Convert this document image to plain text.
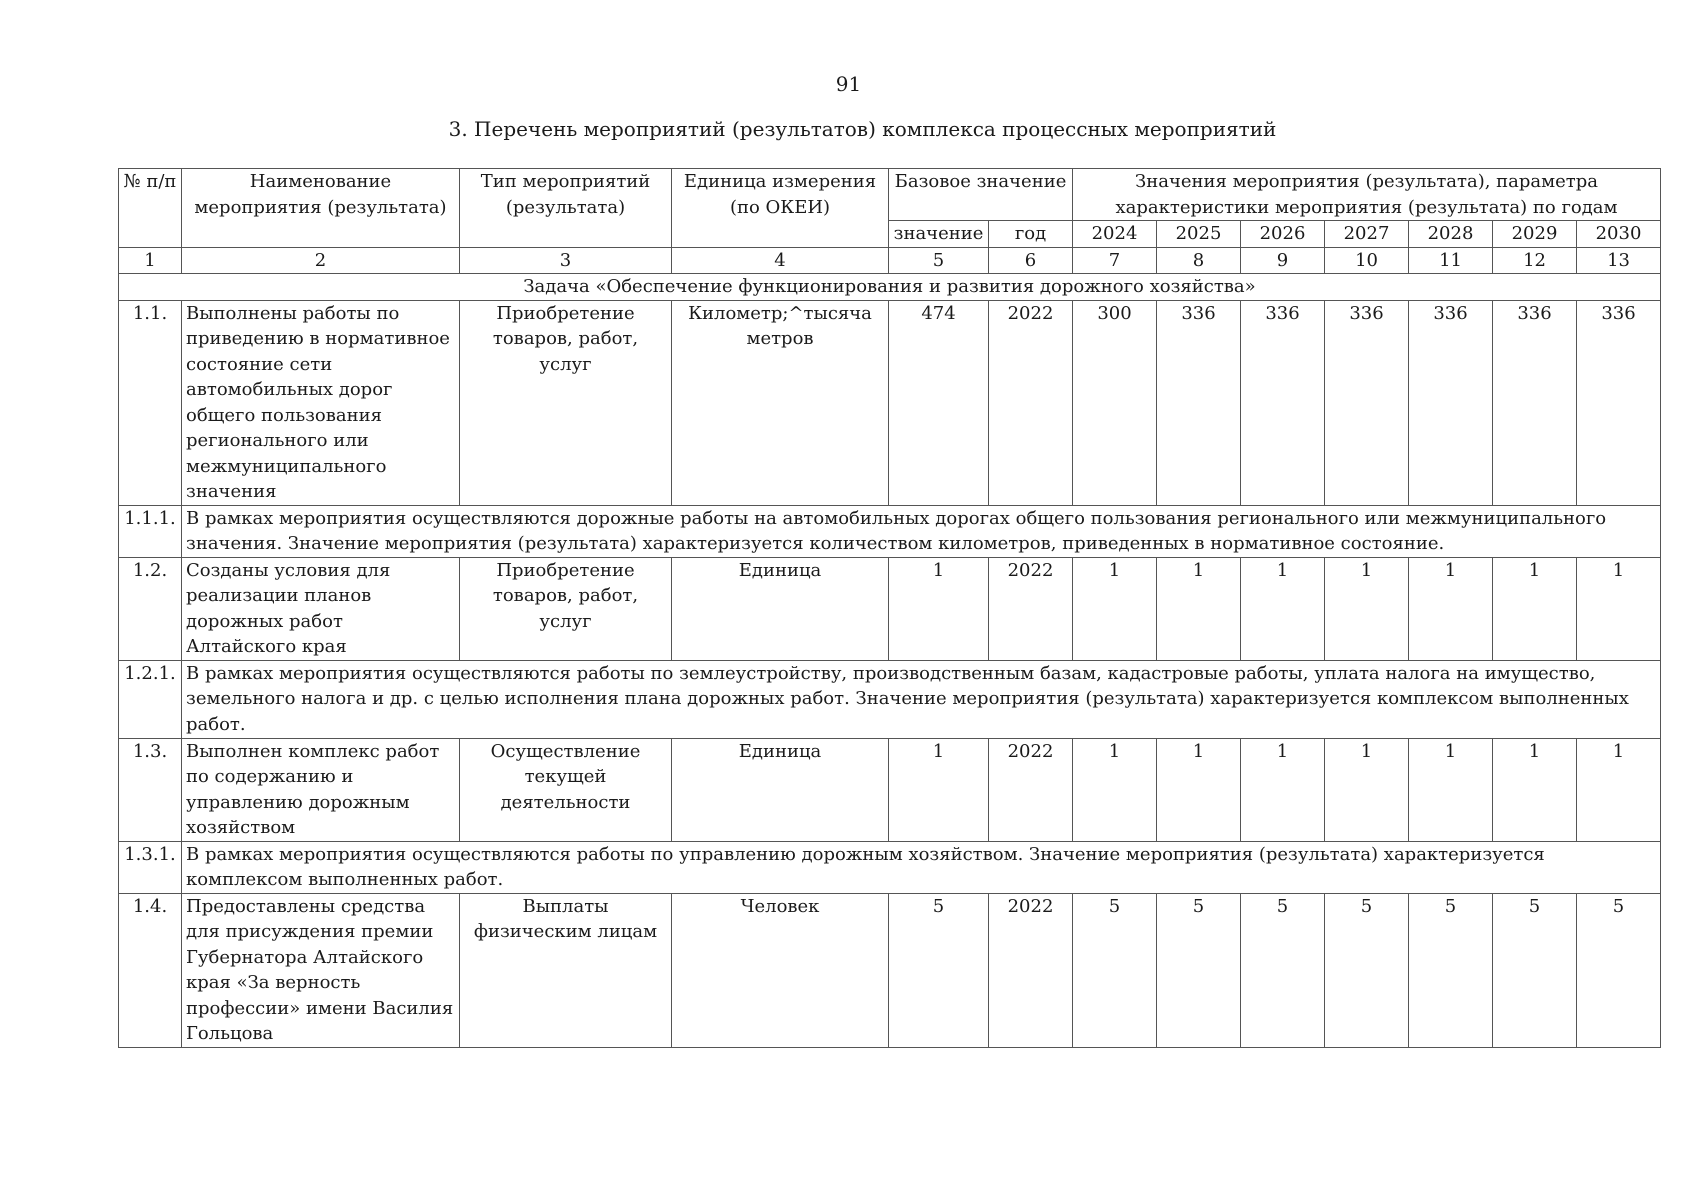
91
3. Перечень мероприятий (результатов) комплекса процессных мероприятий
№ п/п	Наименование мероприятия (результата)	Тип мероприятий (результата)	Единица измерения (по ОКЕИ)	Базовое значение		Значения мероприятия (результата), параметра характеристики мероприятия (результата) по годам						
				значение	год	2024	2025	2026	2027	2028	2029	2030
1	2	3	4	5	6	7	8	9	10	11	12	13
Задача «Обеспечение функционирования и развития дорожного хозяйства»												
1.1.	Выполнены работы по приведению в нормативное состояние сети автомобильных дорог общего пользования регионального или межмуниципального значения	Приобретение товаров, работ, услуг	Километр;^тысяча метров	474	2022	300	336	336	336	336	336	336
1.1.1.	В рамках мероприятия осуществляются дорожные работы на автомобильных дорогах общего пользования регионального или межмуниципального значения. Значение мероприятия (результата) характеризуется количеством километров, приведенных в нормативное состояние.											
1.2.	Созданы условия для реализации планов дорожных работ Алтайского края	Приобретение товаров, работ, услуг	Единица	1	2022	1	1	1	1	1	1	1
1.2.1.	В рамках мероприятия осуществляются работы по землеустройству, производственным базам, кадастровые работы, уплата налога на имущество, земельного налога и др. с целью исполнения плана дорожных работ. Значение мероприятия (результата) характеризуется комплексом выполненных работ.											
1.3.	Выполнен комплекс работ по содержанию и управлению дорожным хозяйством	Осуществление текущей деятельности	Единица	1	2022	1	1	1	1	1	1	1
1.3.1.	В рамках мероприятия осуществляются работы по управлению дорожным хозяйством. Значение мероприятия (результата) характеризуется комплексом выполненных работ.											
1.4.	Предоставлены средства для присуждения премии Губернатора Алтайского края «За верность профессии» имени Василия Гольцова	Выплаты физическим лицам	Человек	5	2022	5	5	5	5	5	5	5
